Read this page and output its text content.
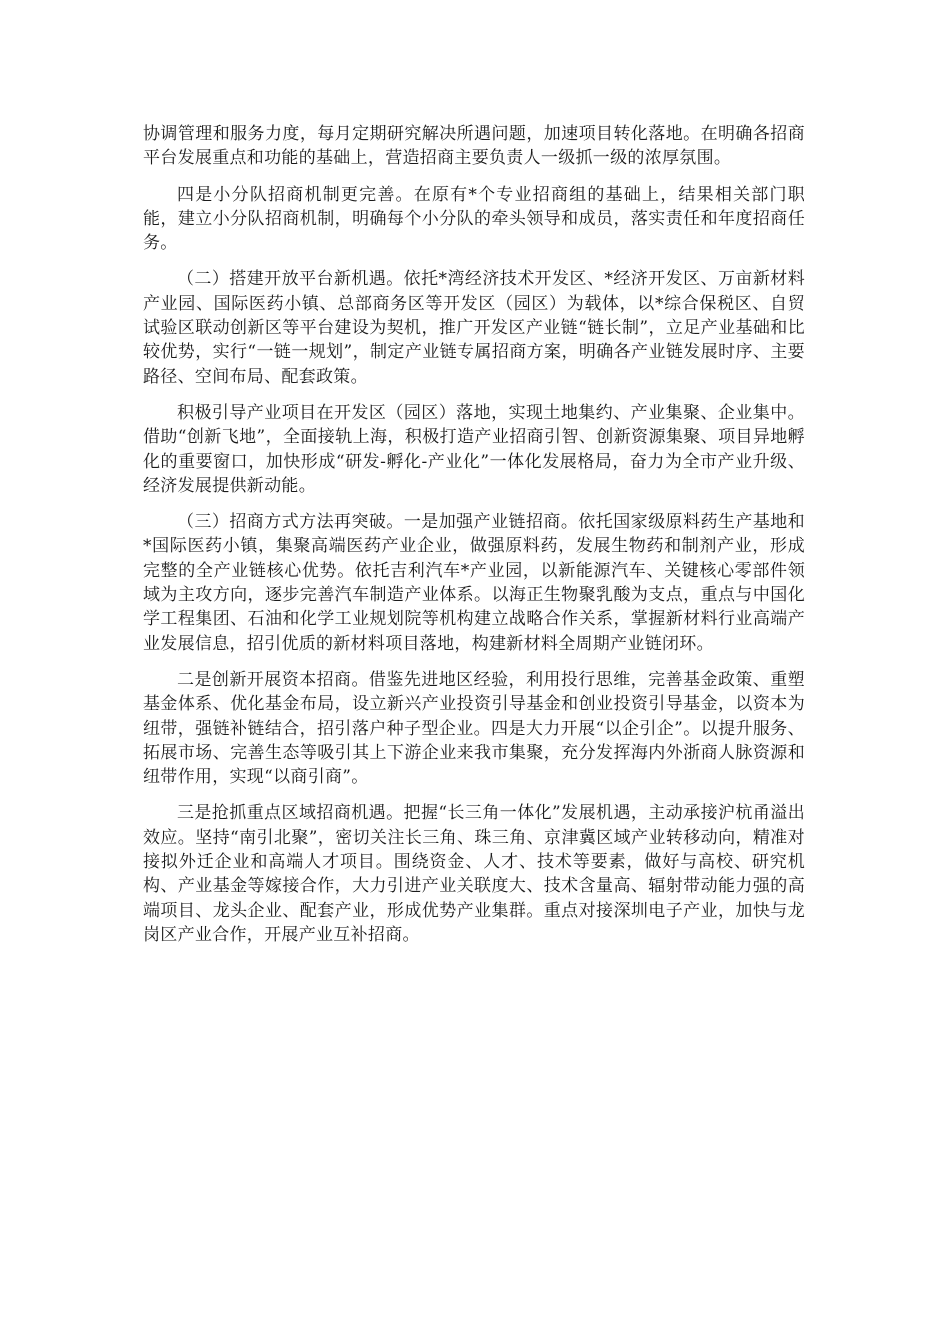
协调管理和服务力度，每月定期研究解决所遇问题，加速项目转化落地。在明确各招商平台发展重点和功能的基础上，营造招商主要负责人一级抓一级的浓厚氛围。

四是小分队招商机制更完善。在原有*个专业招商组的基础上，结果相关部门职能，建立小分队招商机制，明确每个小分队的牵头领导和成员，落实责任和年度招商任务。

（二）搭建开放平台新机遇。依托*湾经济技术开发区、*经济开发区、万亩新材料产业园、国际医药小镇、总部商务区等开发区（园区）为载体，以*综合保税区、自贸试验区联动创新区等平台建设为契机，推广开发区产业链“链长制”，立足产业基础和比较优势，实行“一链一规划”，制定产业链专属招商方案，明确各产业链发展时序、主要路径、空间布局、配套政策。

积极引导产业项目在开发区（园区）落地，实现土地集约、产业集聚、企业集中。借助“创新飞地”，全面接轨上海，积极打造产业招商引智、创新资源集聚、项目异地孵化的重要窗口，加快形成“研发-孵化-产业化”一体化发展格局，奋力为全市产业升级、经济发展提供新动能。

（三）招商方式方法再突破。一是加强产业链招商。依托国家级原料药生产基地和*国际医药小镇，集聚高端医药产业企业，做强原料药，发展生物药和制剂产业，形成完整的全产业链核心优势。依托吉利汽车*产业园，以新能源汽车、关键核心零部件领域为主攻方向，逐步完善汽车制造产业体系。以海正生物聚乳酸为支点，重点与中国化学工程集团、石油和化学工业规划院等机构建立战略合作关系，掌握新材料行业高端产业发展信息，招引优质的新材料项目落地，构建新材料全周期产业链闭环。

二是创新开展资本招商。借鉴先进地区经验，利用投行思维，完善基金政策、重塑基金体系、优化基金布局，设立新兴产业投资引导基金和创业投资引导基金，以资本为纽带，强链补链结合，招引落户种子型企业。四是大力开展“以企引企”。以提升服务、拓展市场、完善生态等吸引其上下游企业来我市集聚，充分发挥海内外浙商人脉资源和纽带作用，实现“以商引商”。

三是抢抓重点区域招商机遇。把握“长三角一体化”发展机遇，主动承接沪杭甬溢出效应。坚持“南引北聚”，密切关注长三角、珠三角、京津冀区域产业转移动向，精准对接拟外迁企业和高端人才项目。围绕资金、人才、技术等要素，做好与高校、研究机构、产业基金等嫁接合作，大力引进产业关联度大、技术含量高、辐射带动能力强的高端项目、龙头企业、配套产业，形成优势产业集群。重点对接深圳电子产业，加快与龙岗区产业合作，开展产业互补招商。
